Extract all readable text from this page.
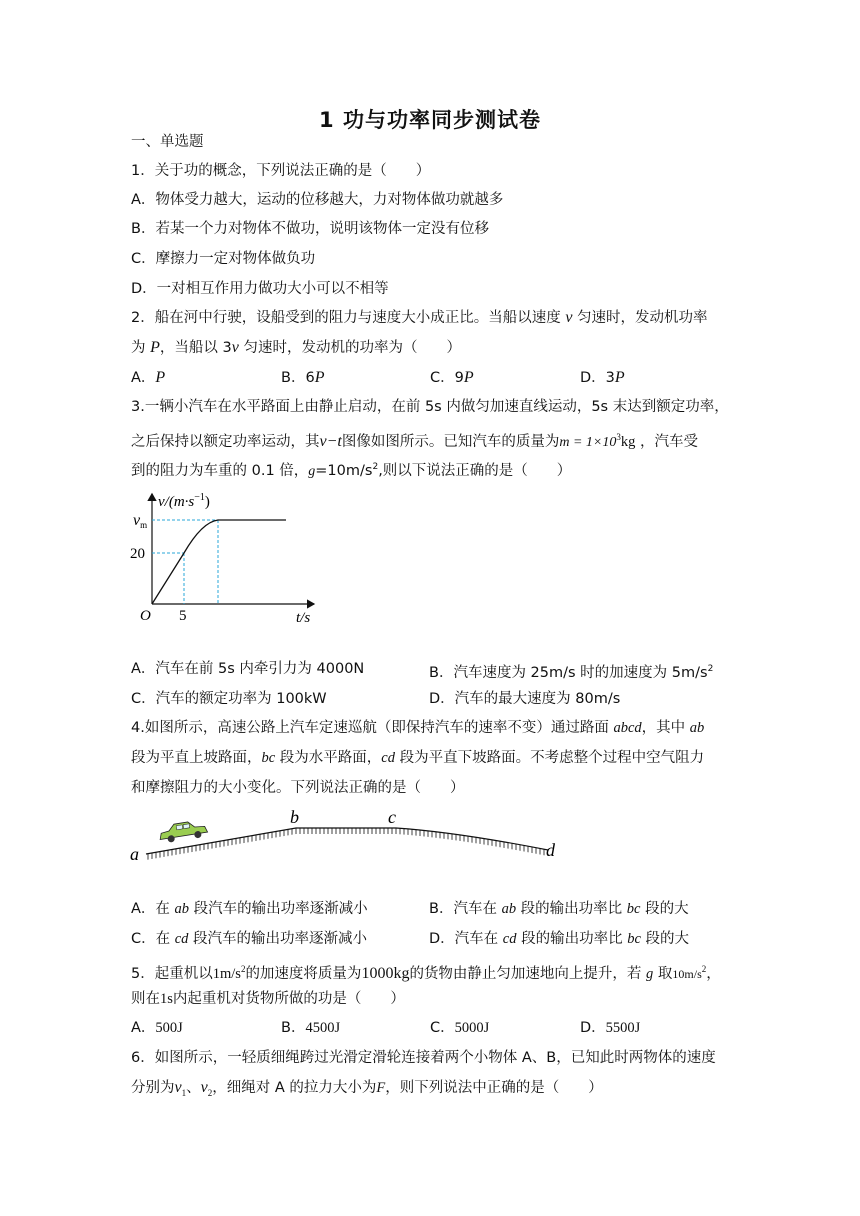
1 功与功率同步测试卷
一、单选题
1．关于功的概念，下列说法正确的是（　　）
A．物体受力越大，运动的位移越大，力对物体做功就越多
B．若某一个力对物体不做功，说明该物体一定没有位移
C．摩擦力一定对物体做负功
D．一对相互作用力做功大小可以不相等
2．船在河中行驶，设船受到的阻力与速度大小成正比。当船以速度 v 匀速时，发动机功率
为 P，当船以 3v 匀速时，发动机的功率为（　　）
A．P	B．6P	C．9P	D．3P
3.一辆小汽车在水平路面上由静止启动，在前 5s 内做匀加速直线运动，5s 末达到额定功率，
之后保持以额定功率运动，其v−t图像如图所示。已知汽车的质量为$m = 1\times 10^3kg$ ，汽车受
到的阻力为车重的 0.1 倍，$g=10m/s^2$,则以下说法正确的是（　　）
$v/(m\cdot s^{-1})$
vm
20
5
O	t/s
A．汽车在前 5s 内牵引力为 4000N	B．汽车速度为 25m/s 时的加速度为 $5m/s^2$
C．汽车的额定功率为 100kW	D．汽车的最大速度为 80m/s
4.如图所示，高速公路上汽车定速巡航（即保持汽车的速率不变）通过路面 abcd，其中 ab
段为平直上坡路面，bc 段为水平路面，cd 段为平直下坡路面。不考虑整个过程中空气阻力
和摩擦阻力的大小变化。下列说法正确的是（　　）
a
b	c
d
A．在 ab 段汽车的输出功率逐渐减小	B．汽车在 ab 段的输出功率比 bc 段的大
C．在 cd 段汽车的输出功率逐渐减小	D．汽车在 cd 段的输出功率比 bc 段的大
5．起重机以$1m/s^2$的加速度将质量为1000kg的货物由静止匀加速地向上提升，若 g 取$10m/s^2$，
则在1s内起重机对货物所做的功是（　　）
A．500J	B．4500J	C．5000J	D．5500J
6．如图所示，一轻质细绳跨过光滑定滑轮连接着两个小物体 A、B，已知此时两物体的速度
分别为$v_1$、$v_2$，细绳对 A 的拉力大小为F，则下列说法中正确的是（　　）
